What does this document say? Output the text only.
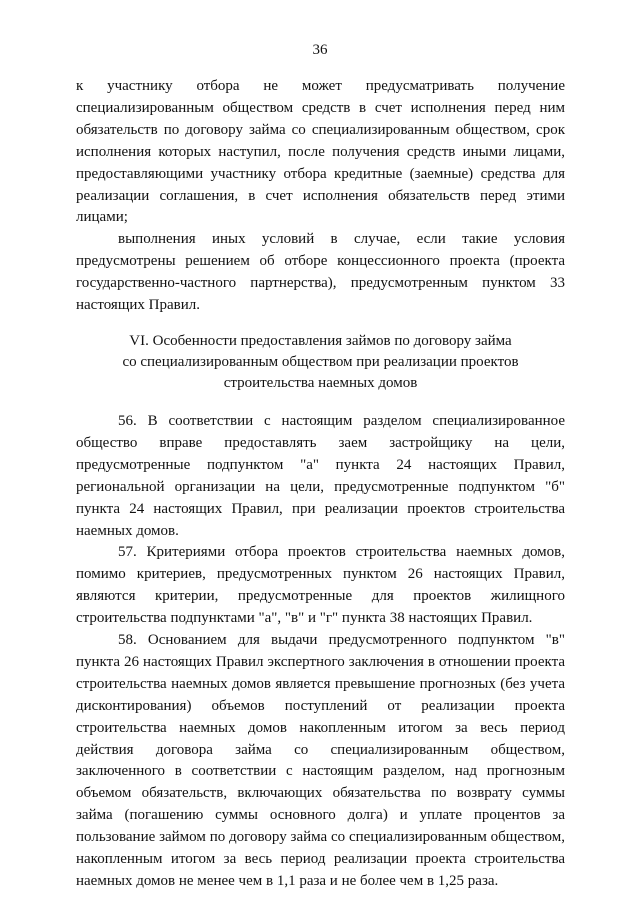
36

к участнику отбора не может предусматривать получение специализированным обществом средств в счет исполнения перед ним обязательств по договору займа со специализированным обществом, срок исполнения которых наступил, после получения средств иными лицами, предоставляющими участнику отбора кредитные (заемные) средства для реализации соглашения, в счет исполнения обязательств перед этими лицами;

выполнения иных условий в случае, если такие условия предусмотрены решением об отборе концессионного проекта (проекта государственно-частного партнерства), предусмотренным пунктом 33 настоящих Правил.

VI. Особенности предоставления займов по договору займа

со специализированным обществом при реализации проектов

строительства наемных домов

56. В соответствии с настоящим разделом специализированное общество вправе предоставлять заем застройщику на цели, предусмотренные подпунктом "а" пункта 24 настоящих Правил, региональной организации на цели, предусмотренные подпунктом "б" пункта 24 настоящих Правил, при реализации проектов строительства наемных домов.

57. Критериями отбора проектов строительства наемных домов, помимо критериев, предусмотренных пунктом 26 настоящих Правил, являются критерии, предусмотренные для проектов жилищного строительства подпунктами "а", "в" и "г" пункта 38 настоящих Правил.

58. Основанием для выдачи предусмотренного подпунктом "в" пункта 26 настоящих Правил экспертного заключения в отношении проекта строительства наемных домов является превышение прогнозных (без учета дисконтирования) объемов поступлений от реализации проекта строительства наемных домов накопленным итогом за весь период действия договора займа со специализированным обществом, заключенного в соответствии с настоящим разделом, над прогнозным объемом обязательств, включающих обязательства по возврату суммы займа (погашению суммы основного долга) и уплате процентов за пользование займом по договору займа со специализированным обществом, накопленным итогом за весь период реализации проекта строительства наемных домов не менее чем в 1,1 раза и не более чем в 1,25 раза.
